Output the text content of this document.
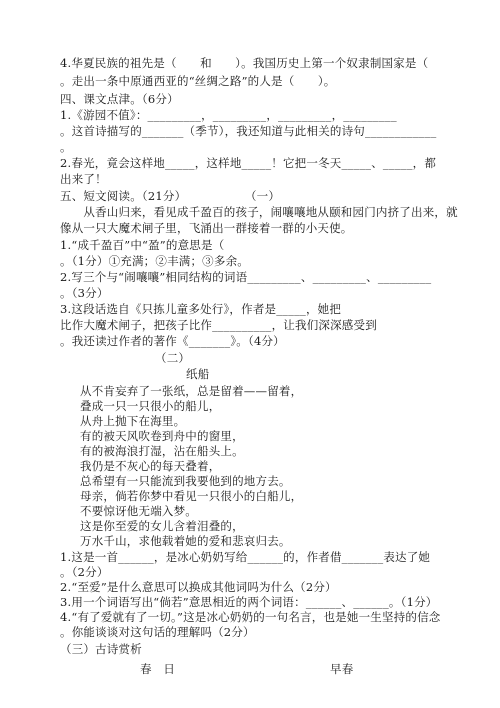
4.华夏民族的祖先是（　　和　　）。我国历史上第一个奴隶制国家是（

。走出一条中原通西亚的“丝绸之路”的人是（　　）。

四、课文点津。（6分）

1.《游园不值》：_________，_________，_________，_________

。这首诗描写的_______（季节），我还知道与此相关的诗句____________

。

2.春光，竟会这样地_____，这样地_____！它把一冬天_____、_____，都

出来了！

五、短文阅读。（21分）　　　　　　（一）

　　从香山归来，看见成千盈百的孩子，闹嚷嚷地从颐和园门内挤了出来，就

像从一只大魔术闸子里，飞涌出一群接着一群的小天使。

1.“成千盈百”中“盈”的意思是（

。（1分）①充满；②丰满；③多余。

2.写三个与“闹嚷嚷”相同结构的词语_________、_________、_________

。（3分）

3.这段话选自《只拣儿童多处行》，作者是_____，她把

比作大魔术闸子，把孩子比作__________，让我们深深感受到

。我还读过作者的著作《_______》。（4分）

（二）

纸船

从不肯妄弃了一张纸，总是留着——留着，

叠成一只一只很小的船儿，

从舟上抛下在海里。

有的被天风吹卷到舟中的窗里，

有的被海浪打湿，沾在船头上。

我仍是不灰心的每天叠着，

总希望有一只能流到我要他到的地方去。

母亲，倘若你梦中看见一只很小的白船儿，

不要惊讶他无端入梦。

这是你至爱的女儿含着泪叠的，

万水千山，求他载着她的爱和悲哀归去。

1.这是一首______，是冰心奶奶写给______的，作者借_______表达了她

。（2分）

2.“至爱”是什么意思可以换成其他词吗为什么（2分）

3.用一个词语写出“倘若”意思相近的两个词语：______、______。（1分）

4.“有了爱就有了一切。”这是冰心奶奶的一句名言，也是她一生坚持的信念

。你能谈谈对这句话的理解吗（2分）

（三）古诗赏析

春　日	早春
